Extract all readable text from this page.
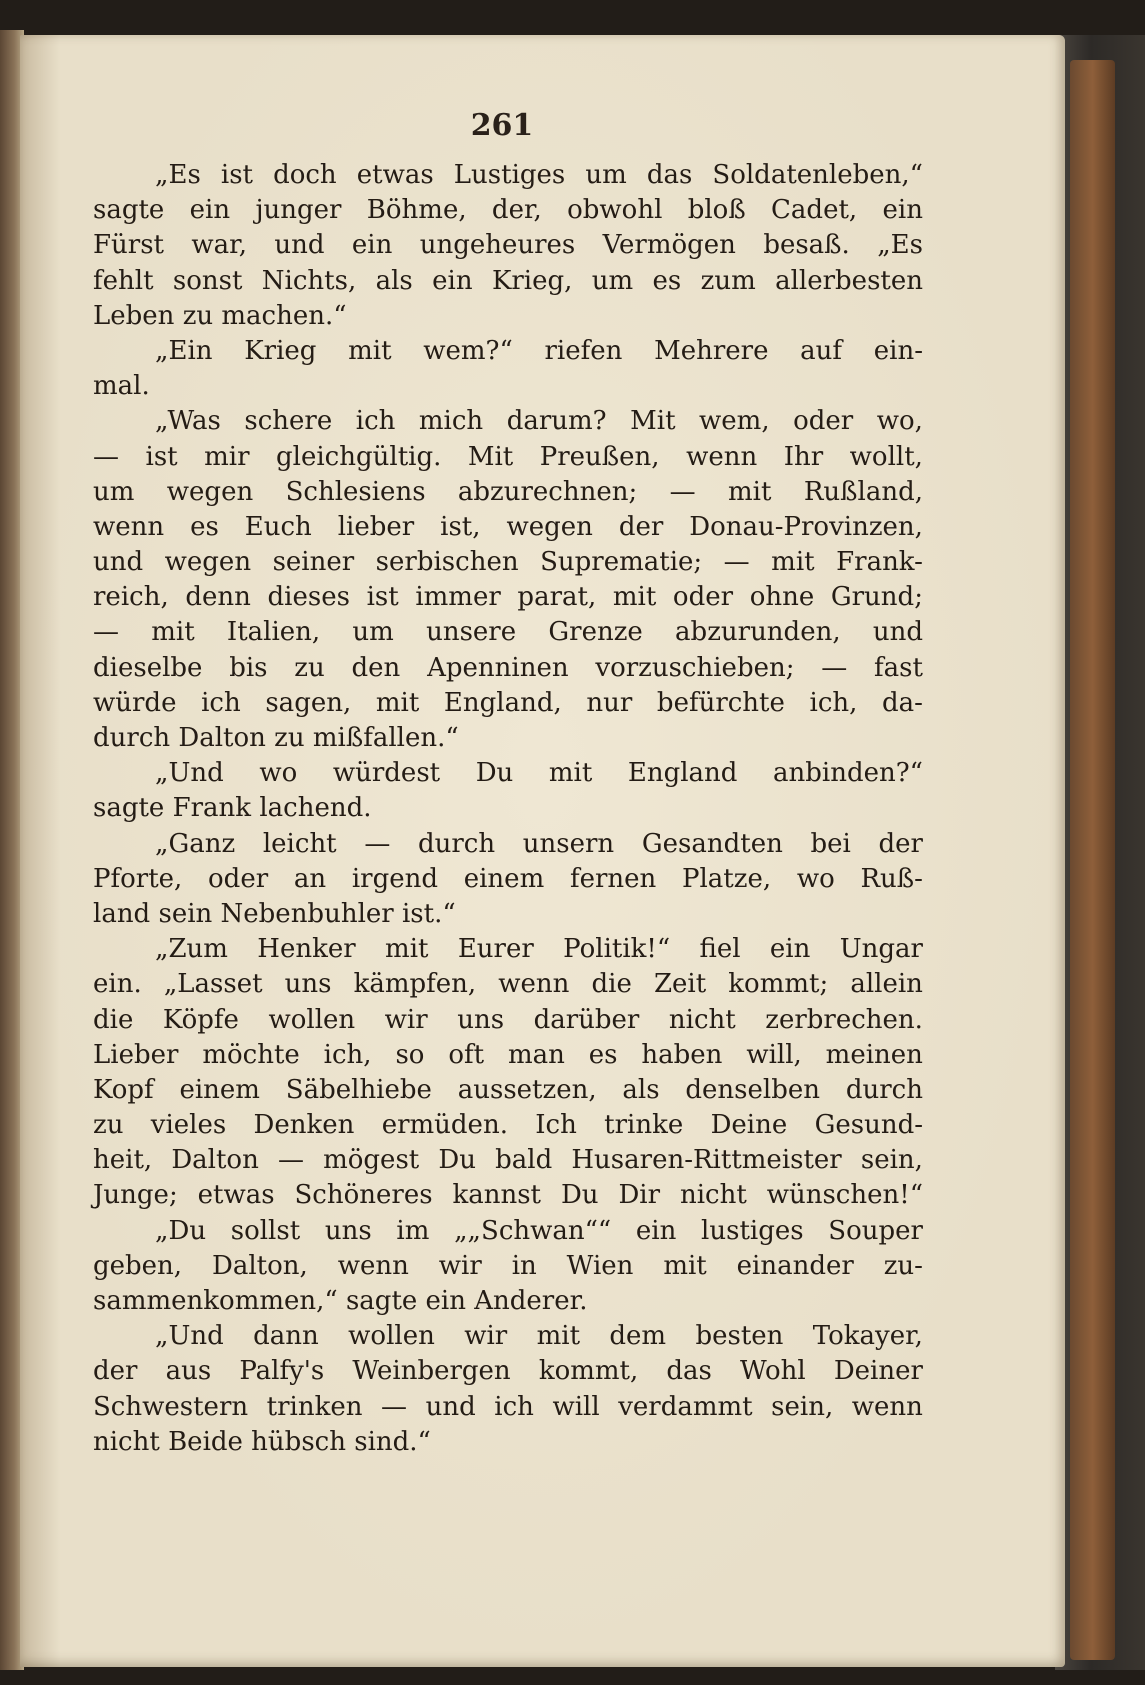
261
„Es ist doch etwas Lustiges um das Soldatenleben,“
sagte ein junger Böhme, der, obwohl bloß Cadet, ein
Fürst war, und ein ungeheures Vermögen besaß. „Es
fehlt sonst Nichts, als ein Krieg, um es zum allerbesten
Leben zu machen.“
„Ein Krieg mit wem?“ riefen Mehrere auf ein-
mal.
„Was schere ich mich darum? Mit wem, oder wo,
— ist mir gleichgültig. Mit Preußen, wenn Ihr wollt,
um wegen Schlesiens abzurechnen; — mit Rußland,
wenn es Euch lieber ist, wegen der Donau-Provinzen,
und wegen seiner serbischen Suprematie; — mit Frank-
reich, denn dieses ist immer parat, mit oder ohne Grund;
— mit Italien, um unsere Grenze abzurunden, und
dieselbe bis zu den Apenninen vorzuschieben; — fast
würde ich sagen, mit England, nur befürchte ich, da-
durch Dalton zu mißfallen.“
„Und wo würdest Du mit England anbinden?“
sagte Frank lachend.
„Ganz leicht — durch unsern Gesandten bei der
Pforte, oder an irgend einem fernen Platze, wo Ruß-
land sein Nebenbuhler ist.“
„Zum Henker mit Eurer Politik!“ fiel ein Ungar
ein. „Lasset uns kämpfen, wenn die Zeit kommt; allein
die Köpfe wollen wir uns darüber nicht zerbrechen.
Lieber möchte ich, so oft man es haben will, meinen
Kopf einem Säbelhiebe aussetzen, als denselben durch
zu vieles Denken ermüden. Ich trinke Deine Gesund-
heit, Dalton — mögest Du bald Husaren-Rittmeister sein,
Junge; etwas Schöneres kannst Du Dir nicht wünschen!“
„Du sollst uns im „„Schwan““ ein lustiges Souper
geben, Dalton, wenn wir in Wien mit einander zu-
sammenkommen,“ sagte ein Anderer.
„Und dann wollen wir mit dem besten Tokayer,
der aus Palfy's Weinbergen kommt, das Wohl Deiner
Schwestern trinken — und ich will verdammt sein, wenn
nicht Beide hübsch sind.“
